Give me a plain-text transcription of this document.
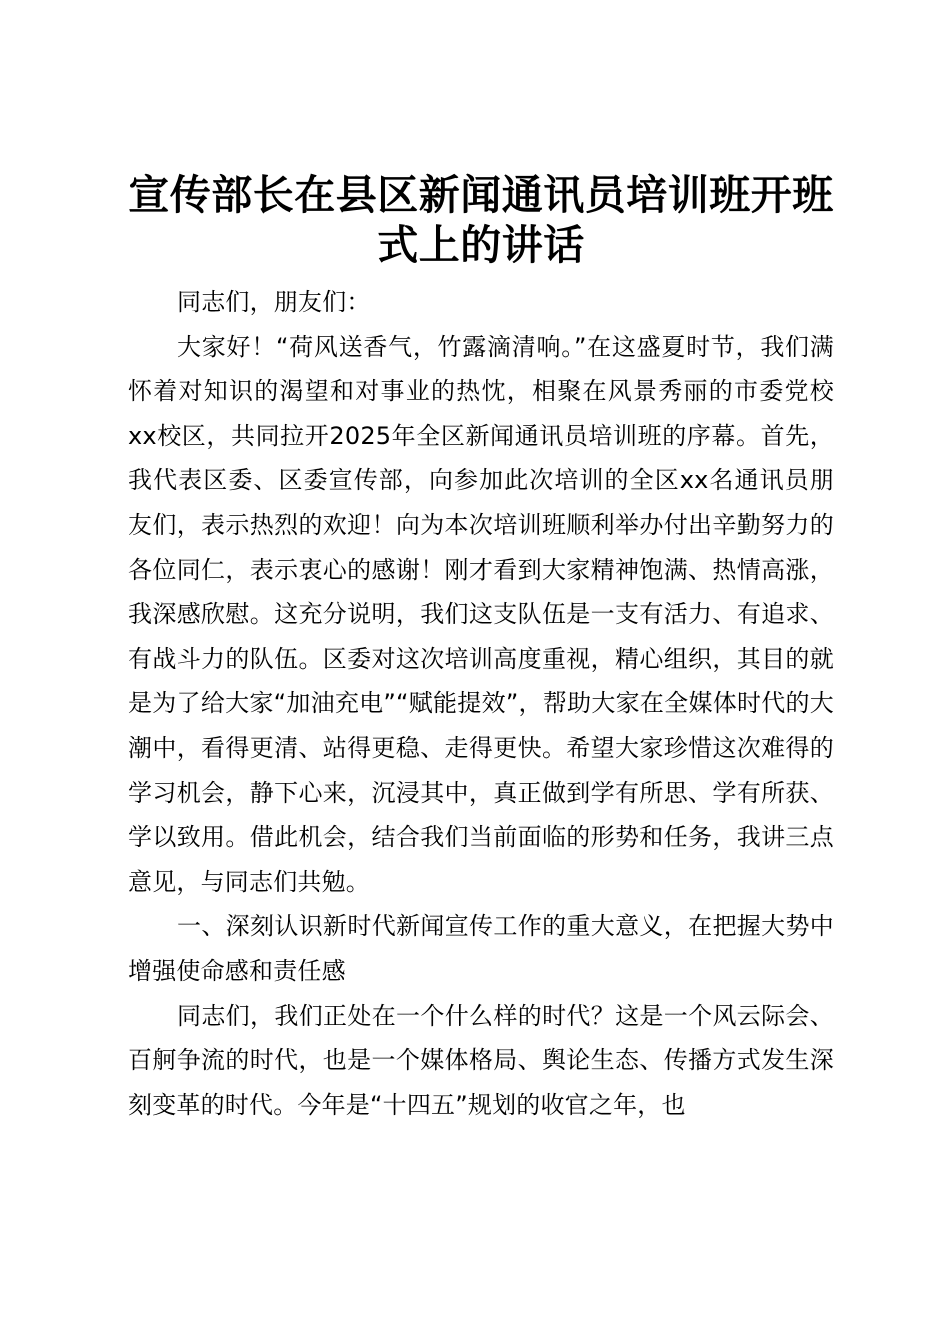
宣传部长在县区新闻通讯员培训班开班式上的讲话

同志们，朋友们：

大家好！“荷风送香气，竹露滴清响。”在这盛夏时节，我们满怀着对知识的渴望和对事业的热忱，相聚在风景秀丽的市委党校xx校区，共同拉开2025年全区新闻通讯员培训班的序幕。首先，我代表区委、区委宣传部，向参加此次培训的全区xx名通讯员朋友们，表示热烈的欢迎！向为本次培训班顺利举办付出辛勤努力的各位同仁，表示衷心的感谢！刚才看到大家精神饱满、热情高涨，我深感欣慰。这充分说明，我们这支队伍是一支有活力、有追求、有战斗力的队伍。区委对这次培训高度重视，精心组织，其目的就是为了给大家“加油充电”“赋能提效”，帮助大家在全媒体时代的大潮中，看得更清、站得更稳、走得更快。希望大家珍惜这次难得的学习机会，静下心来，沉浸其中，真正做到学有所思、学有所获、学以致用。借此机会，结合我们当前面临的形势和任务，我讲三点意见，与同志们共勉。

一、深刻认识新时代新闻宣传工作的重大意义，在把握大势中增强使命感和责任感

同志们，我们正处在一个什么样的时代？这是一个风云际会、百舸争流的时代，也是一个媒体格局、舆论生态、传播方式发生深刻变革的时代。今年是“十四五”规划的收官之年，也
